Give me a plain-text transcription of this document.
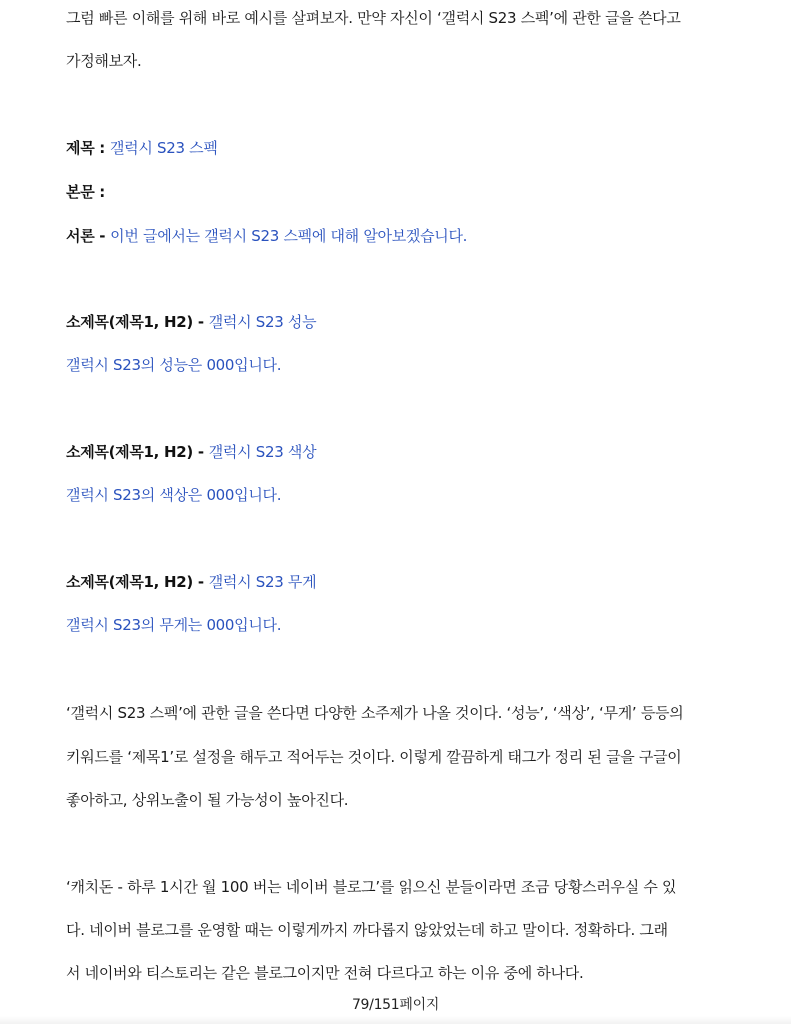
그럼 빠른 이해를 위해 바로 예시를 살펴보자. 만약 자신이 ‘갤럭시 S23 스펙’에 관한 글을 쓴다고
가정해보자.
제목 : 갤럭시 S23 스펙
본문 :
서론 - 이번 글에서는 갤럭시 S23 스펙에 대해 알아보겠습니다.
소제목(제목1, H2) - 갤럭시 S23 성능
갤럭시 S23의 성능은 000입니다.
소제목(제목1, H2) - 갤럭시 S23 색상
갤럭시 S23의 색상은 000입니다.
소제목(제목1, H2) - 갤럭시 S23 무게
갤럭시 S23의 무게는 000입니다.
‘갤럭시 S23 스펙’에 관한 글을 쓴다면 다양한 소주제가 나올 것이다. ‘성능’, ‘색상’, ‘무게’ 등등의
키워드를 ‘제목1’로 설정을 해두고 적어두는 것이다. 이렇게 깔끔하게 태그가 정리 된 글을 구글이
좋아하고, 상위노출이 될 가능성이 높아진다.
‘캐치돈 - 하루 1시간 월 100 버는 네이버 블로그’를 읽으신 분들이라면 조금 당황스러우실 수 있
다. 네이버 블로그를 운영할 때는 이렇게까지 까다롭지 않았었는데 하고 말이다. 정확하다. 그래
서 네이버와 티스토리는 같은 블로그이지만 전혀 다르다고 하는 이유 중에 하나다.
79/151페이지
